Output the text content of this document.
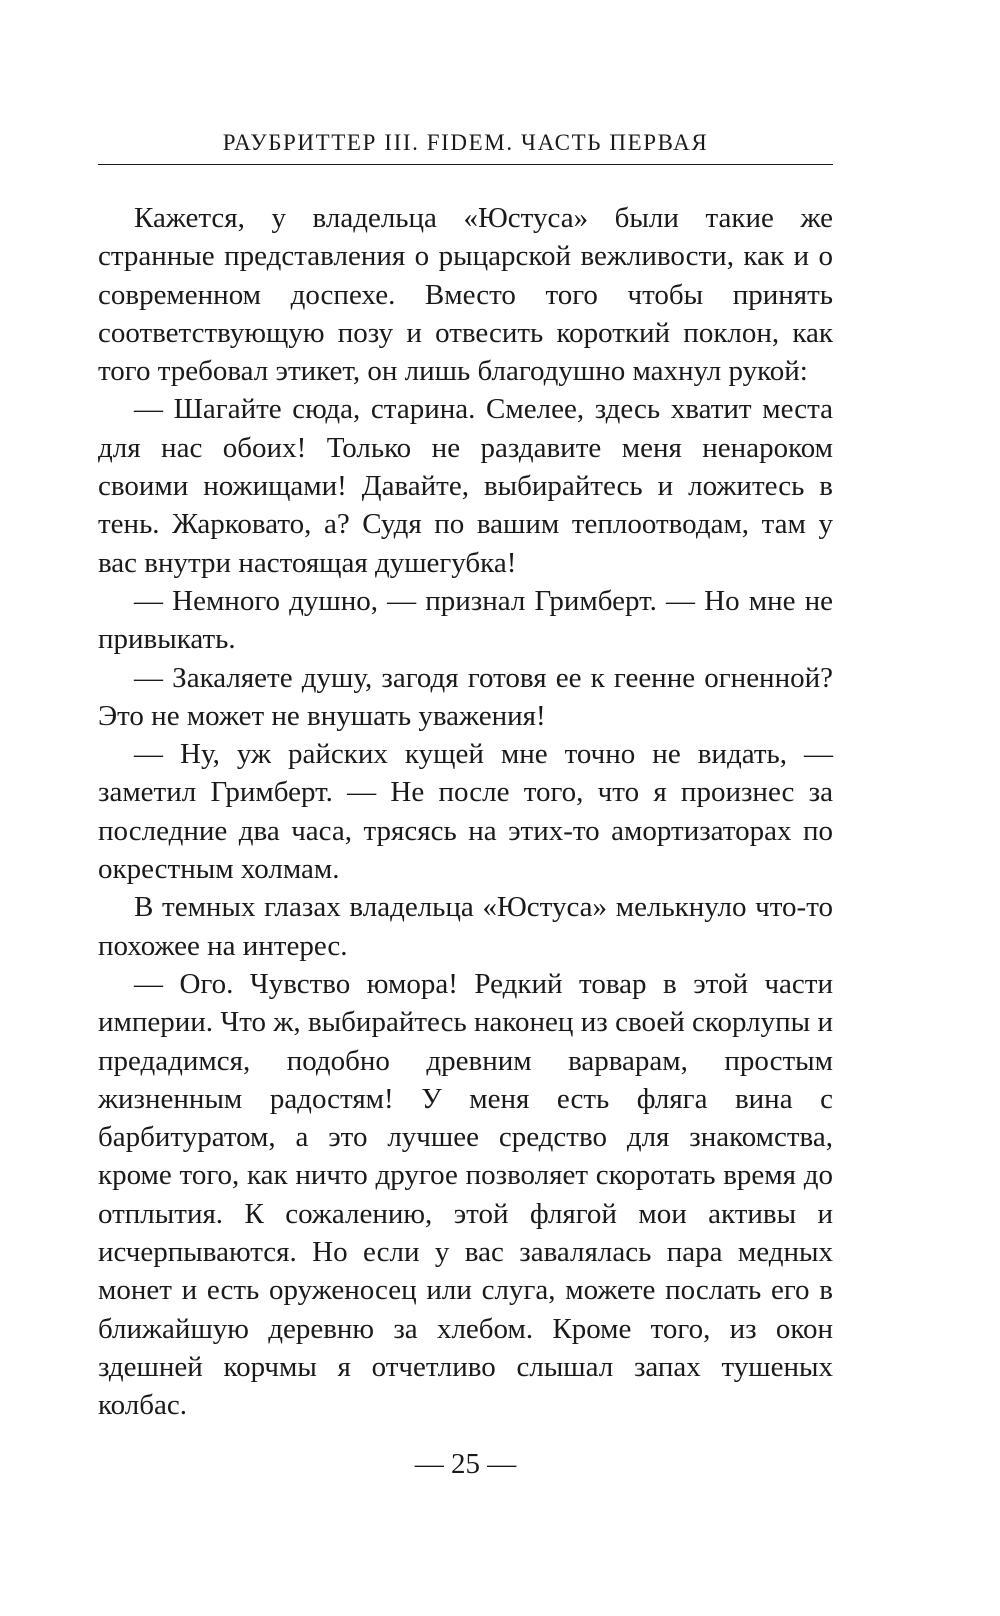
РАУБРИТТЕР III. FIDEM. ЧАСТЬ ПЕРВАЯ

Кажется, у владельца «Юстуса» были такие же странные представления о рыцарской вежливости, как и о современном доспехе. Вместо того чтобы принять соответствующую позу и отвесить короткий поклон, как того требовал этикет, он лишь благодушно махнул рукой:

— Шагайте сюда, старина. Смелее, здесь хватит места для нас обоих! Только не раздавите меня ненароком своими ножищами! Давайте, выбирайтесь и ложитесь в тень. Жарковато, а? Судя по вашим теплоотводам, там у вас внутри настоящая душегубка!

— Немного душно, — признал Гримберт. — Но мне не привыкать.

— Закаляете душу, загодя готовя ее к геенне огненной? Это не может не внушать уважения!

— Ну, уж райских кущей мне точно не видать, — заметил Гримберт. — Не после того, что я произнес за последние два часа, трясясь на этих-то амортизаторах по окрестным холмам.

В темных глазах владельца «Юстуса» мелькнуло что-то похожее на интерес.

— Ого. Чувство юмора! Редкий товар в этой части империи. Что ж, выбирайтесь наконец из своей скорлупы и предадимся, подобно древним варварам, простым жизненным радостям! У меня есть фляга вина с барбитуратом, а это лучшее средство для знакомства, кроме того, как ничто другое позволяет скоротать время до отплытия. К сожалению, этой флягой мои активы и исчерпываются. Но если у вас завалялась пара медных монет и есть оруженосец или слуга, можете послать его в ближайшую деревню за хлебом. Кроме того, из окон здешней корчмы я отчетливо слышал запах тушеных колбас.

— 25 —
